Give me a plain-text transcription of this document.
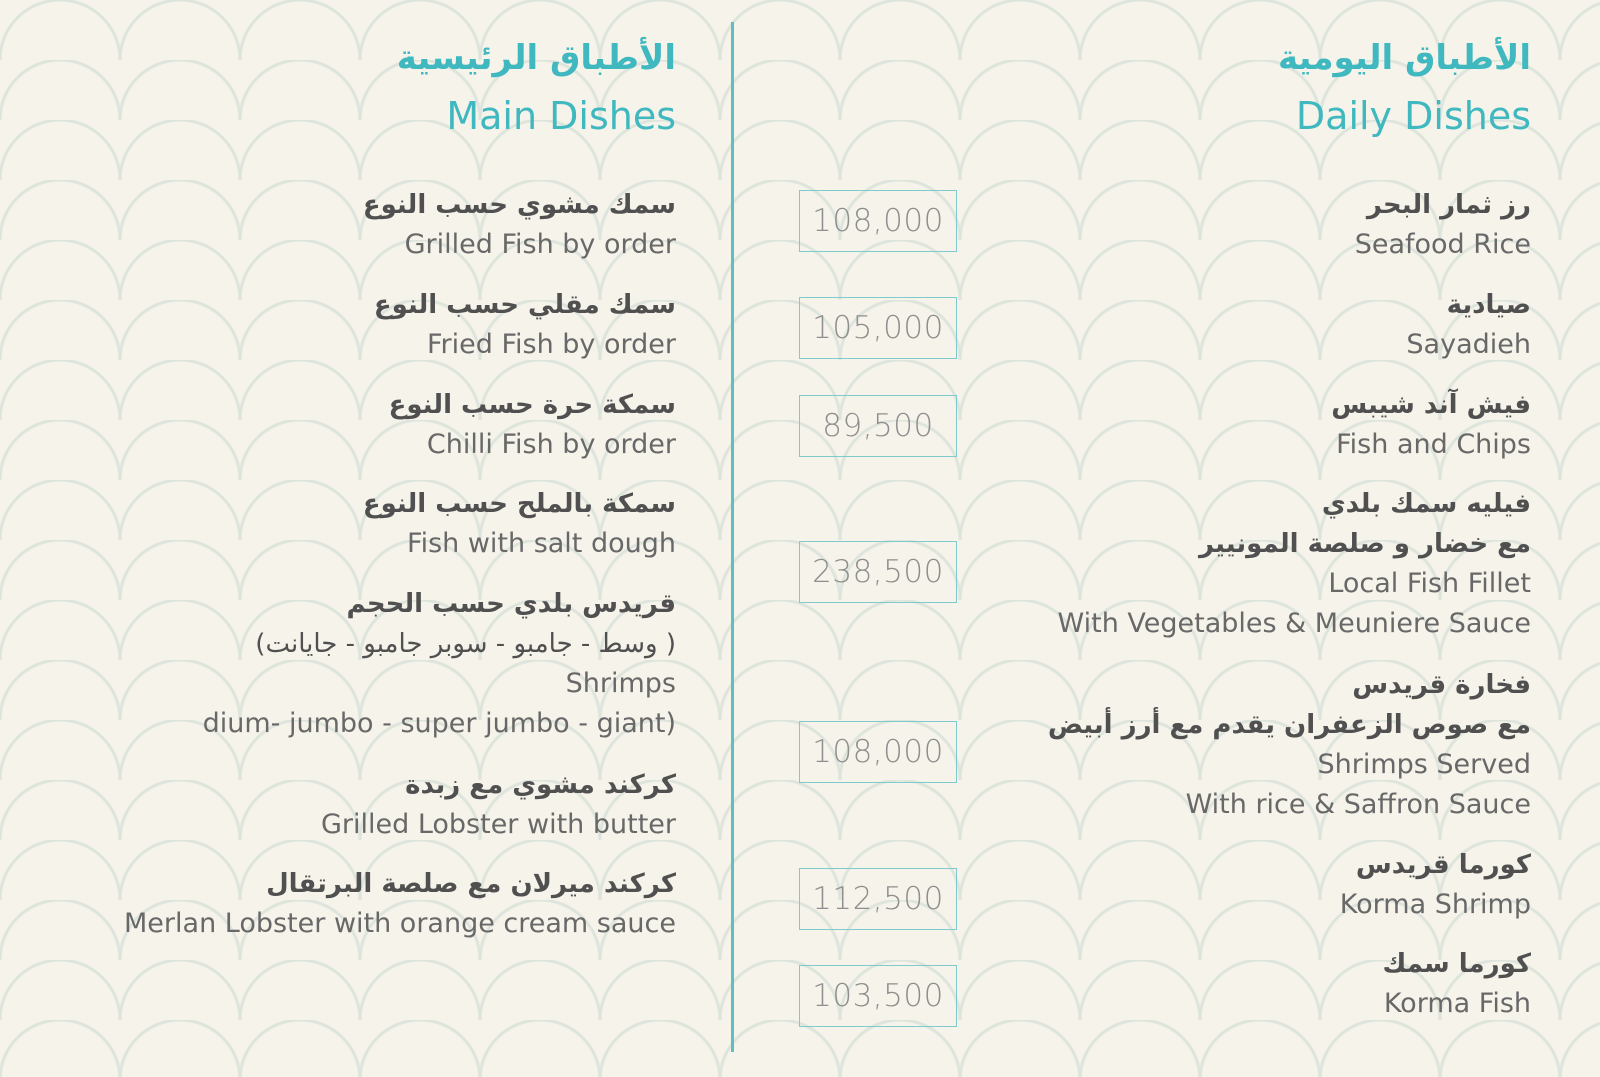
الأطباق الرئيسية
Main Dishes
سمك مشوي حسب النوع
Grilled Fish by order
سمك مقلي حسب النوع
Fried Fish by order
سمكة حرة حسب النوع
Chilli Fish by order
سمكة بالملح حسب النوع
Fish with salt dough
قريدس بلدي حسب الحجم
(وسط - جامبو - سوبر جامبو - جايانت )
Shrimps
dium- jumbo - super jumbo - giant)
كركند مشوي مع زبدة
Grilled Lobster with butter
كركند ميرلان مع صلصة البرتقال
Merlan Lobster with orange cream sauce
108,000
105,000
89,500
238,500
108,000
112,500
103,500
الأطباق اليومية
Daily Dishes
رز ثمار البحر
Seafood Rice
صيادية
Sayadieh
فيش آند شيبس
Fish and Chips
فيليه سمك بلدي
مع خضار و صلصة المونيير
Local Fish Fillet
With Vegetables & Meuniere Sauce
فخارة قريدس
مع صوص الزعفران يقدم مع أرز أبيض
Shrimps Served
With rice & Saffron Sauce
كورما قريدس
Korma Shrimp
كورما سمك
Korma Fish
